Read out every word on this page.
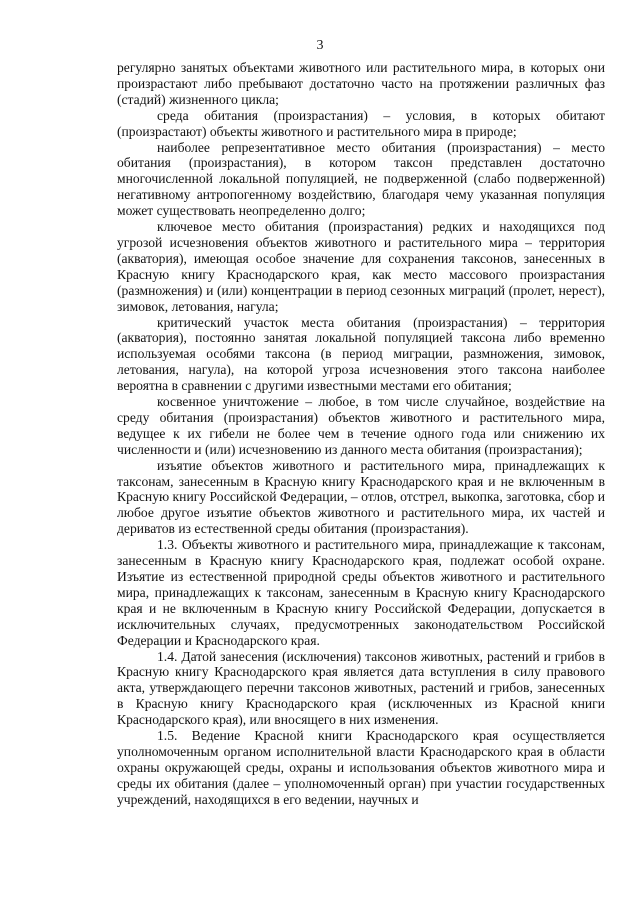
3

регулярно занятых объектами животного или растительного мира, в которых они произрастают либо пребывают достаточно часто на протяжении различных фаз (стадий) жизненного цикла;

среда обитания (произрастания) – условия, в которых обитают (произрастают) объекты животного и растительного мира в природе;

наиболее репрезентативное место обитания (произрастания) – место обитания (произрастания), в котором таксон представлен достаточно многочисленной локальной популяцией, не подверженной (слабо подверженной) негативному антропогенному воздействию, благодаря чему указанная популяция может существовать неопределенно долго;

ключевое место обитания (произрастания) редких и находящихся под угрозой исчезновения объектов животного и растительного мира – территория (акватория), имеющая особое значение для сохранения таксонов, занесенных в Красную книгу Краснодарского края, как место массового произрастания (размножения) и (или) концентрации в период сезонных миграций (пролет, нерест), зимовок, летования, нагула;

критический участок места обитания (произрастания) – территория (акватория), постоянно занятая локальной популяцией таксона либо временно используемая особями таксона (в период миграции, размножения, зимовок, летования, нагула), на которой угроза исчезновения этого таксона наиболее вероятна в сравнении с другими известными местами его обитания;

косвенное уничтожение – любое, в том числе случайное, воздействие на среду обитания (произрастания) объектов животного и растительного мира, ведущее к их гибели не более чем в течение одного года или снижению их численности и (или) исчезновению из данного места обитания (произрастания);

изъятие объектов животного и растительного мира, принадлежащих к таксонам, занесенным в Красную книгу Краснодарского края и не включенным в Красную книгу Российской Федерации, – отлов, отстрел, выкопка, заготовка, сбор и любое другое изъятие объектов животного и растительного мира, их частей и дериватов из естественной среды обитания (произрастания).

1.3. Объекты животного и растительного мира, принадлежащие к таксонам, занесенным в Красную книгу Краснодарского края, подлежат особой охране. Изъятие из естественной природной среды объектов животного и растительного мира, принадлежащих к таксонам, занесенным в Красную книгу Краснодарского края и не включенным в Красную книгу Российской Федерации, допускается в исключительных случаях, предусмотренных законодательством Российской Федерации и Краснодарского края.

1.4. Датой занесения (исключения) таксонов животных, растений и грибов в Красную книгу Краснодарского края является дата вступления в силу правового акта, утверждающего перечни таксонов животных, растений и грибов, занесенных в Красную книгу Краснодарского края (исключенных из Красной книги Краснодарского края), или вносящего в них изменения.

1.5. Ведение Красной книги Краснодарского края осуществляется уполномоченным органом исполнительной власти Краснодарского края в области охраны окружающей среды, охраны и использования объектов животного мира и среды их обитания (далее – уполномоченный орган) при участии государственных учреждений, находящихся в его ведении, научных и
